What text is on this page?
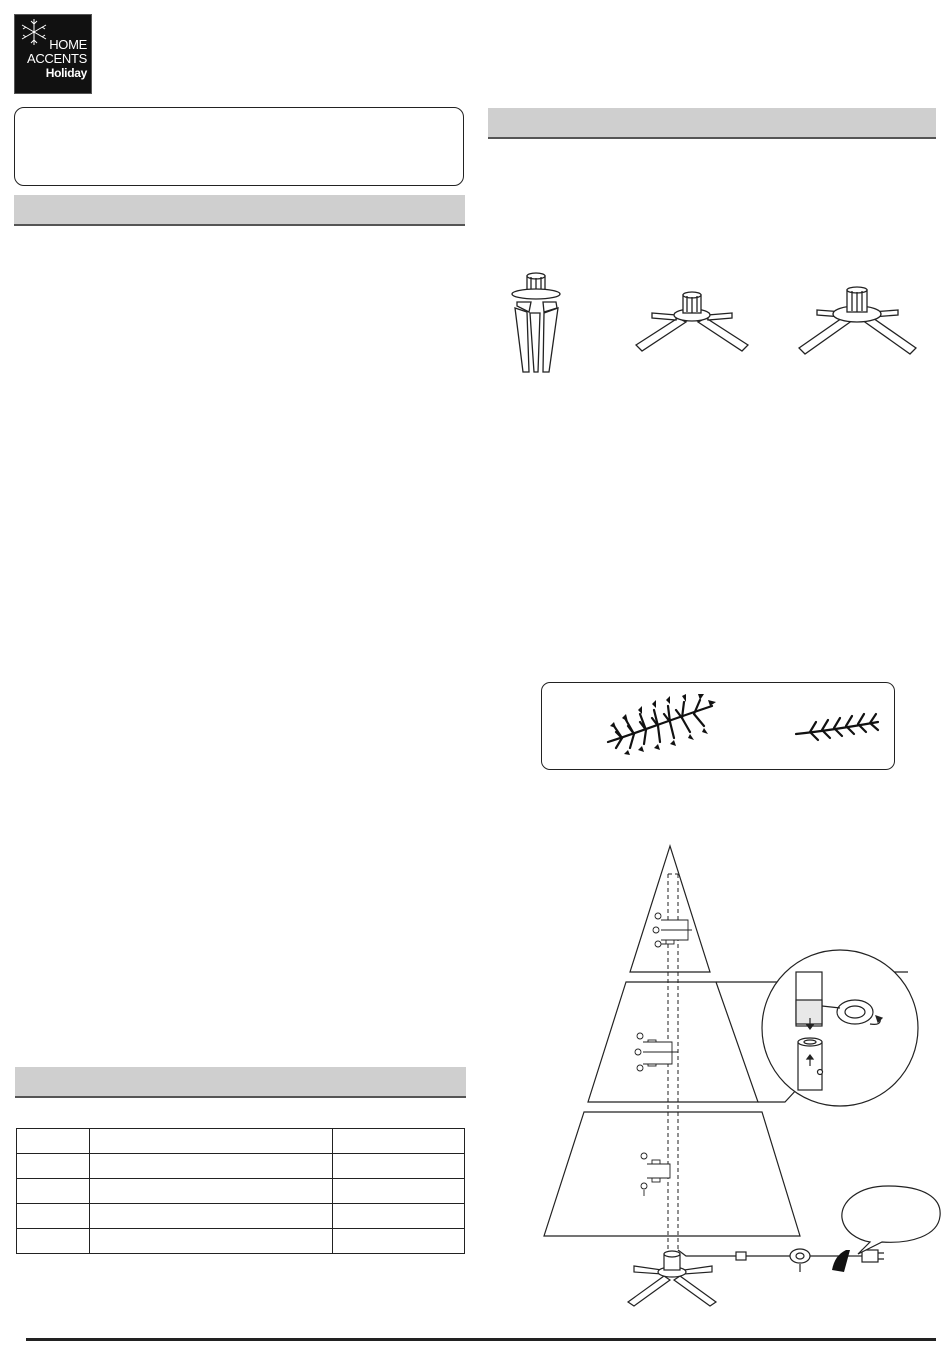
HOME
ACCENTS
Holiday
